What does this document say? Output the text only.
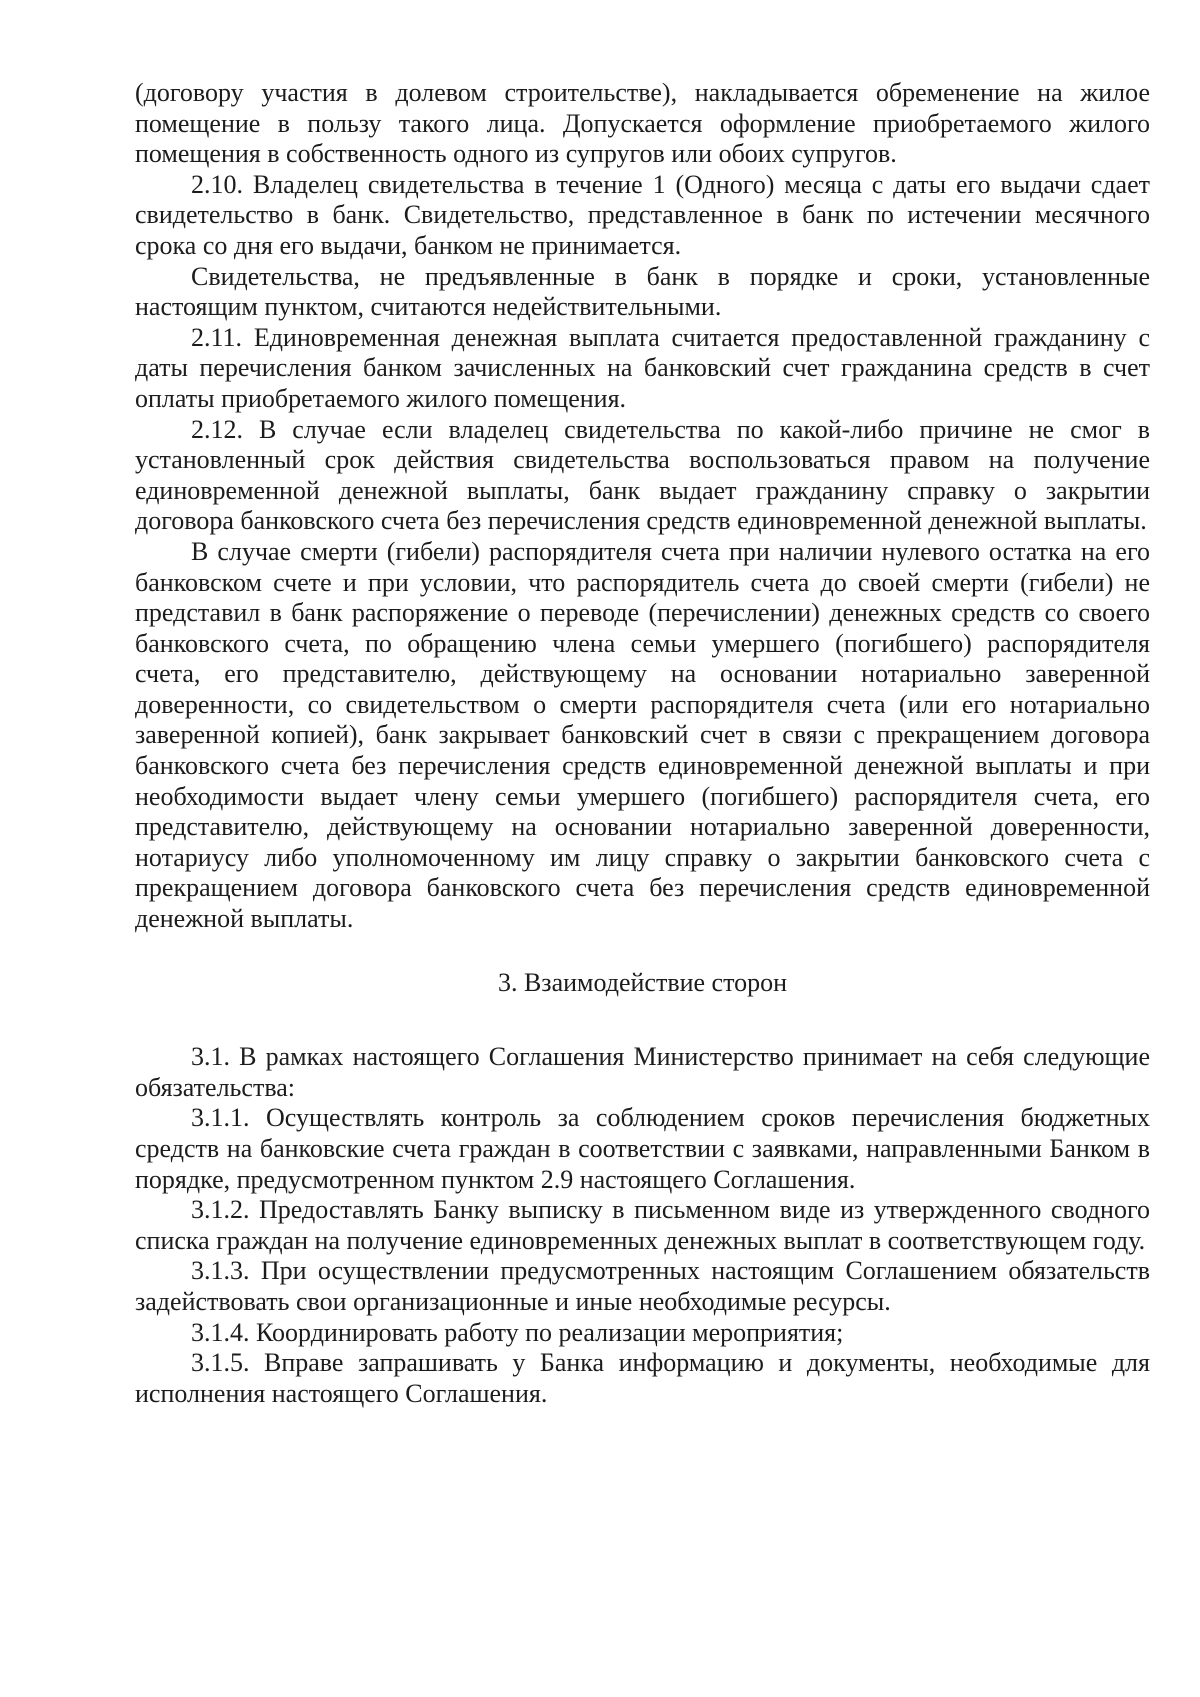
(договору участия в долевом строительстве), накладывается обременение на жилое помещение в пользу такого лица. Допускается оформление приобретаемого жилого помещения в собственность одного из супругов или обоих супругов.

2.10. Владелец свидетельства в течение 1 (Одного) месяца с даты его выдачи сдает свидетельство в банк. Свидетельство, представленное в банк по истечении месячного срока со дня его выдачи, банком не принимается.

Свидетельства, не предъявленные в банк в порядке и сроки, установленные настоящим пунктом, считаются недействительными.

2.11. Единовременная денежная выплата считается предоставленной гражданину с даты перечисления банком зачисленных на банковский счет гражданина средств в счет оплаты приобретаемого жилого помещения.

2.12. В случае если владелец свидетельства по какой-либо причине не смог в установленный срок действия свидетельства воспользоваться правом на получение единовременной денежной выплаты, банк выдает гражданину справку о закрытии договора банковского счета без перечисления средств единовременной денежной выплаты.

В случае смерти (гибели) распорядителя счета при наличии нулевого остатка на его банковском счете и при условии, что распорядитель счета до своей смерти (гибели) не представил в банк распоряжение о переводе (перечислении) денежных средств со своего банковского счета, по обращению члена семьи умершего (погибшего) распорядителя счета, его представителю, действующему на основании нотариально заверенной доверенности, со свидетельством о смерти распорядителя счета (или его нотариально заверенной копией), банк закрывает банковский счет в связи с прекращением договора банковского счета без перечисления средств единовременной денежной выплаты и при необходимости выдает члену семьи умершего (погибшего) распорядителя счета, его представителю, действующему на основании нотариально заверенной доверенности, нотариусу либо уполномоченному им лицу справку о закрытии банковского счета с прекращением договора банковского счета без перечисления средств единовременной денежной выплаты.

3. Взаимодействие сторон

3.1. В рамках настоящего Соглашения Министерство принимает на себя следующие обязательства:

3.1.1. Осуществлять контроль за соблюдением сроков перечисления бюджетных средств на банковские счета граждан в соответствии с заявками, направленными Банком в порядке, предусмотренном пунктом 2.9 настоящего Соглашения.

3.1.2. Предоставлять Банку выписку в письменном виде из утвержденного сводного списка граждан на получение единовременных денежных выплат в соответствующем году.

3.1.3. При осуществлении предусмотренных настоящим Соглашением обязательств задействовать свои организационные и иные необходимые ресурсы.

3.1.4. Координировать работу по реализации мероприятия;

3.1.5. Вправе запрашивать у Банка информацию и документы, необходимые для исполнения настоящего Соглашения.
